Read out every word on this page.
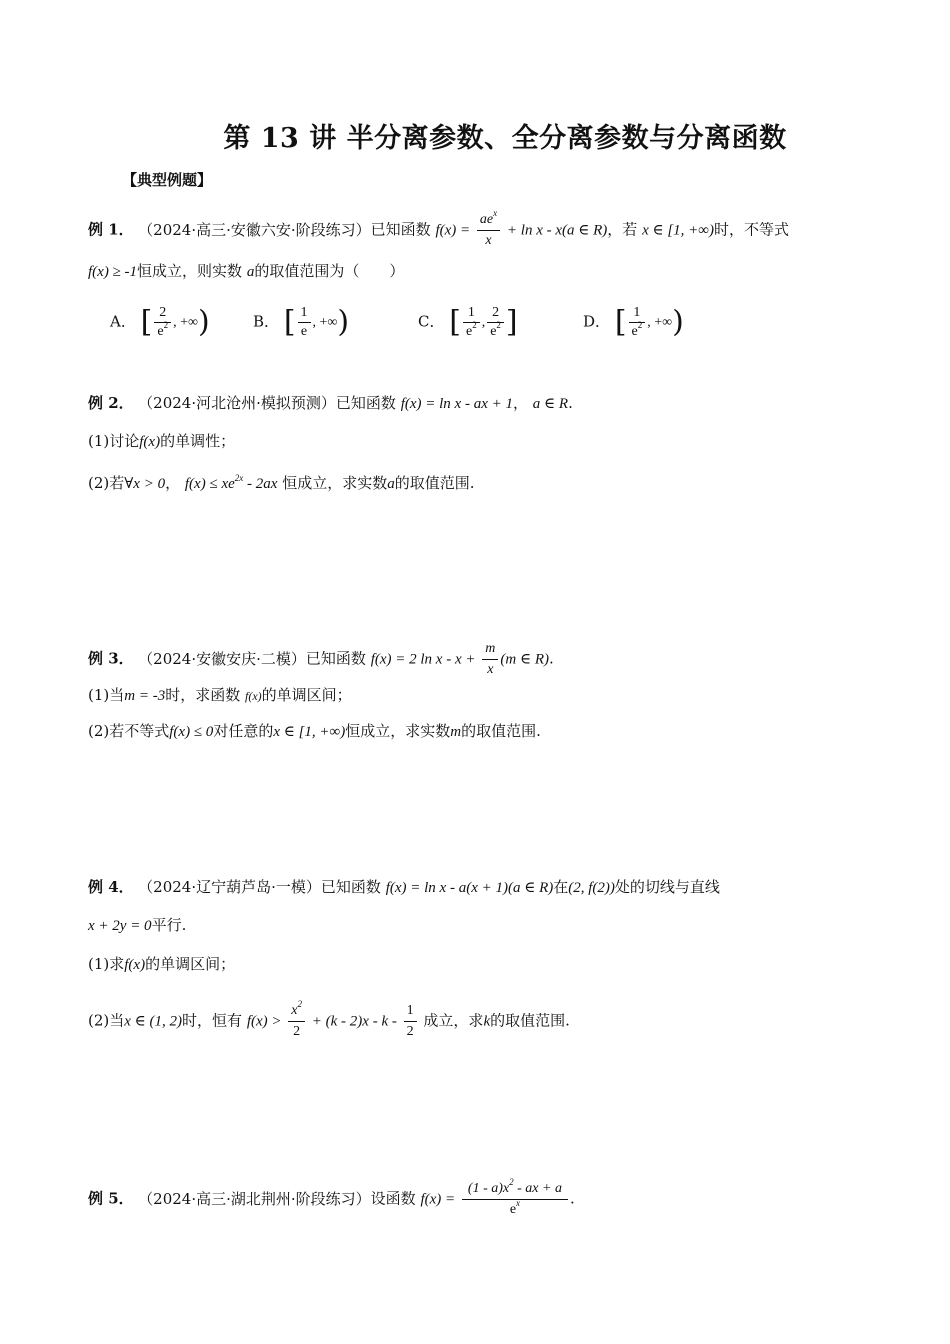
第 13 讲 半分离参数、全分离参数与分离函数
【典型例题】
例 1． （2024·高三·安徽六安·阶段练习）已知函数 $f(x) = \frac{ae^x}{x} + \ln x - x(a$ ∈ R)，若 x ∈ [1, +∞)时，不等式
f(x) ≥ -1恒成立，则实数 a的取值范围为（　　）
A． [ $\frac{2}{e^2}$ , +∞)	B． [ $\frac{1}{e}$ , +∞)	C． [ $\frac{1}{e^2}$ , $\frac{2}{e^2}$ ]	D． [ $\frac{1}{e^2}$ , +∞)
例 2． （2024·河北沧州·模拟预测）已知函数 f(x) = ln x - ax + 1， a ∈ R.
(1)讨论f(x)的单调性；
(2)若∀x > 0， $f(x) \le xe^{2x} - 2ax$ 恒成立，求实数a的取值范围.
例 3． （2024·安徽安庆·二模）已知函数 f(x) = 2 $\ln x - x + \frac{m}{x} (m$ ∈ R).
(1)当m = -3时，求函数 f(x)的单调区间；
(2)若不等式f(x) ≤ 0对任意的x ∈ [1, +∞)恒成立，求实数m的取值范围.
例 4． （2024·辽宁葫芦岛·一模）已知函数 f(x) = ln x - a(x + 1)(a ∈ R)在(2, f(2))处的切线与直线
x + 2y = 0平行.
(1)求f(x)的单调区间；
(2)当x ∈ (1, 2)时，恒有 $f(x) > \frac{x^2}{2} + (k - 2)x - k - \frac{1}{2}$ 成立，求k的取值范围.
例 5． （2024·高三·湖北荆州·阶段练习）设函数 $f(x) = \frac{(1 - a)x^2 - ax + a}{e^x}$ .
